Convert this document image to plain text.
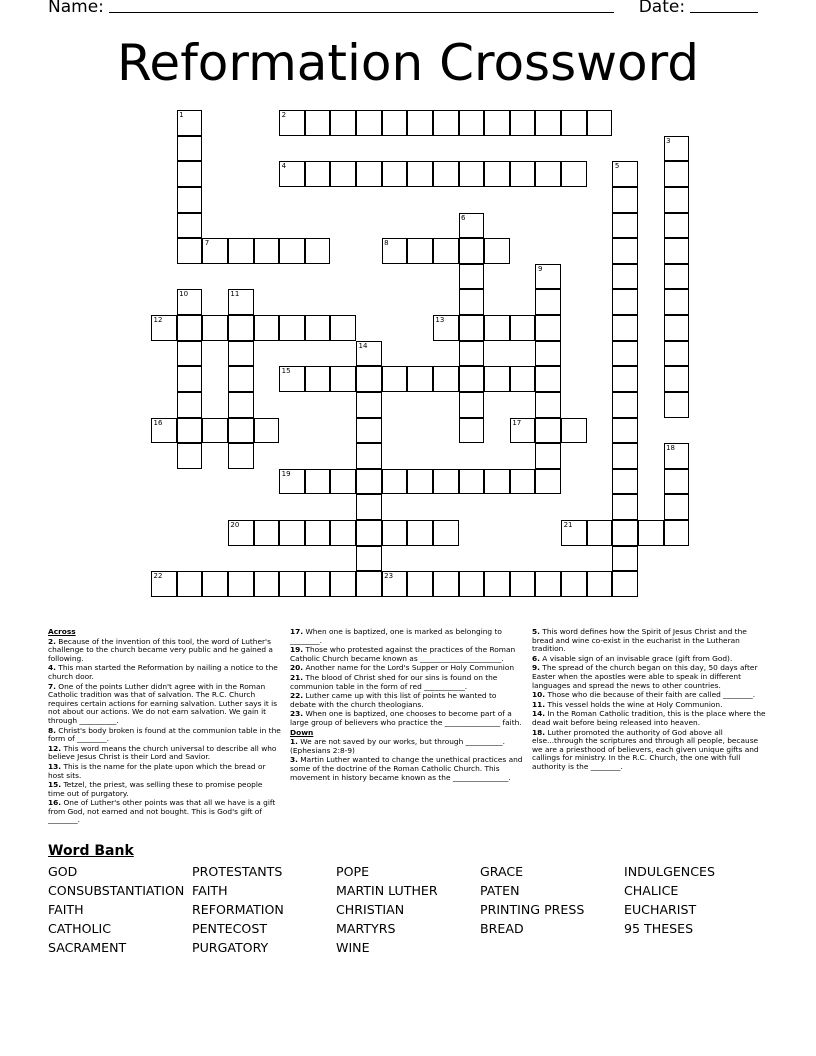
Name:	Date:
Reformation Crossword
1	2
3
4	5
6
7	8
9
10	11
12	13
14
15
16	17
18
19
20	21
22	23
Across
2. Because of the invention of this tool, the word of Luther's challenge to the church became very public and he gained a following.
4. This man started the Reformation by nailing a notice to the church door.
7. One of the points Luther didn't agree with in the Roman Catholic tradition was that of salvation. The R.C. Church requires certain actions for earning salvation. Luther says it is not about our actions. We do not earn salvation. We gain it through __________.
8. Christ's body broken is found at the communion table in the form of ________.
12. This word means the church universal to describe all who believe Jesus Christ is their Lord and Savior.
13. This is the name for the plate upon which the bread or host sits.
15. Tetzel, the priest, was selling these to promise people time out of purgatory.
16. One of Luther's other points was that all we have is a gift from God, not earned and not bought. This is God's gift of ________.
17. When one is baptized, one is marked as belonging to ________.
19. Those who protested against the practices of the Roman Catholic Church became known as ______________________.
20. Another name for the Lord's Supper or Holy Communion
21. The blood of Christ shed for our sins is found on the communion table in the form of red ___________.
22. Luther came up with this list of points he wanted to debate with the church theologians.
23. When one is baptized, one chooses to become part of a large group of believers who practice the _______________ faith.
Down
1. We are not saved by our works, but through __________. (Ephesians 2:8-9)
3. Martin Luther wanted to change the unethical practices and some of the doctrine of the Roman Catholic Church. This movement in history became known as the _______________.
5. This word defines how the Spirit of Jesus Christ and the bread and wine co-exist in the eucharist in the Lutheran tradition.
6. A visable sign of an invisable grace (gift from God).
9. The spread of the church began on this day, 50 days after Easter when the apostles were able to speak in different languages and spread the news to other countries.
10. Those who die because of their faith are called ________.
11. This vessel holds the wine at Holy Communion.
14. In the Roman Catholic tradition, this is the place where the dead wait before being released into heaven.
18. Luther promoted the authority of God above all else...through the scriptures and through all people, because we are a priesthood of believers, each given unique gifts and callings for ministry. In the R.C. Church, the one with full authority is the ________.
Word Bank
GOD
CONSUBSTANTIATION
FAITH
CATHOLIC
SACRAMENT
PROTESTANTS
FAITH
REFORMATION
PENTECOST
PURGATORY
POPE
MARTIN LUTHER
CHRISTIAN
MARTYRS
WINE
GRACE
PATEN
PRINTING PRESS
BREAD
INDULGENCES
CHALICE
EUCHARIST
95 THESES
